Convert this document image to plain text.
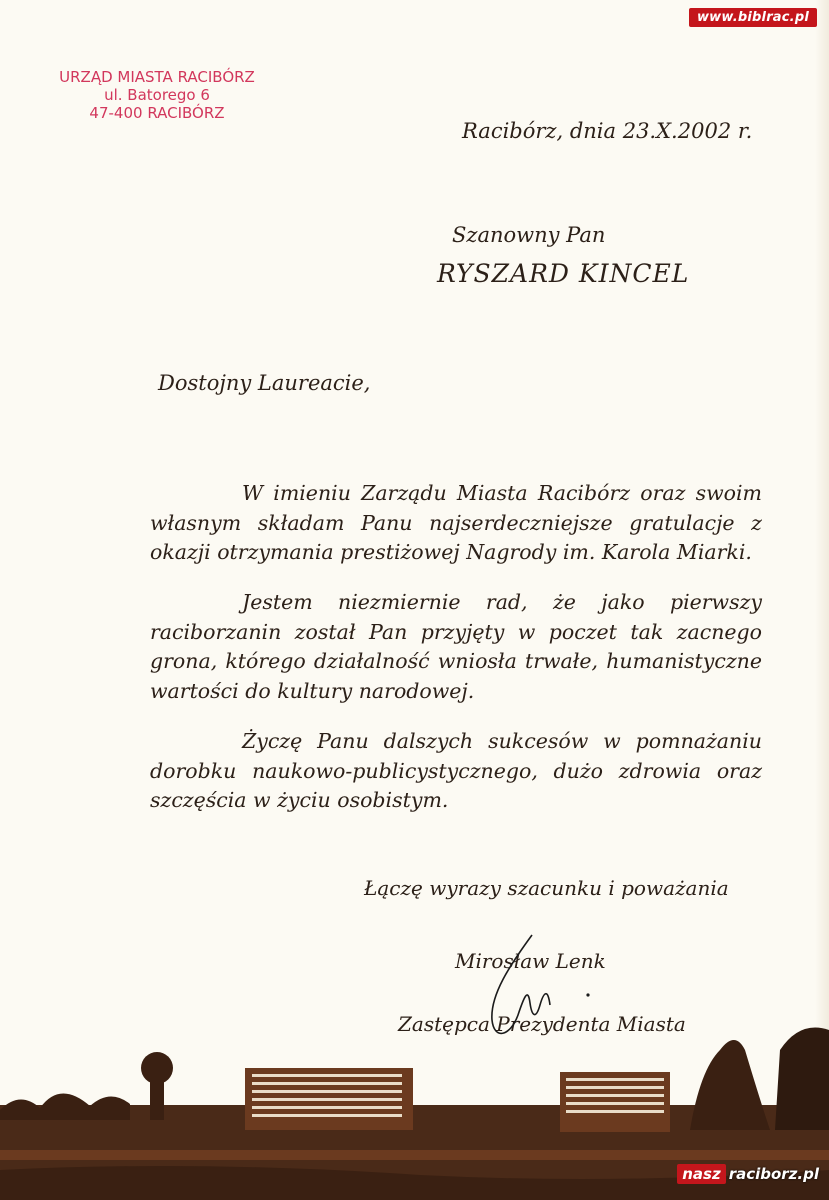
www.biblrac.pl
URZĄD MIASTA RACIBÓRZ
ul. Batorego 6
47-400 RACIBÓRZ
Racibórz, dnia 23.X.2002 r.
Szanowny Pan
RYSZARD KINCEL
Dostojny Laureacie,

W imieniu Zarządu Miasta Racibórz oraz swoim własnym składam Panu najserdeczniejsze gratulacje z okazji otrzymania prestiżowej Nagrody im. Karola Miarki.

Jestem niezmiernie rad, że jako pierwszy raciborzanin został Pan przyjęty w poczet tak zacnego grona, którego działalność wniosła trwałe, humanistyczne wartości do kultury narodowej.

Życzę Panu dalszych sukcesów w pomnażaniu dorobku naukowo-publicystycznego, dużo zdrowia oraz szczęścia w życiu osobistym.

Łączę wyrazy szacunku i poważania
Mirosław Lenk
Zastępca Prezydenta Miasta
nasz raciborz.pl
